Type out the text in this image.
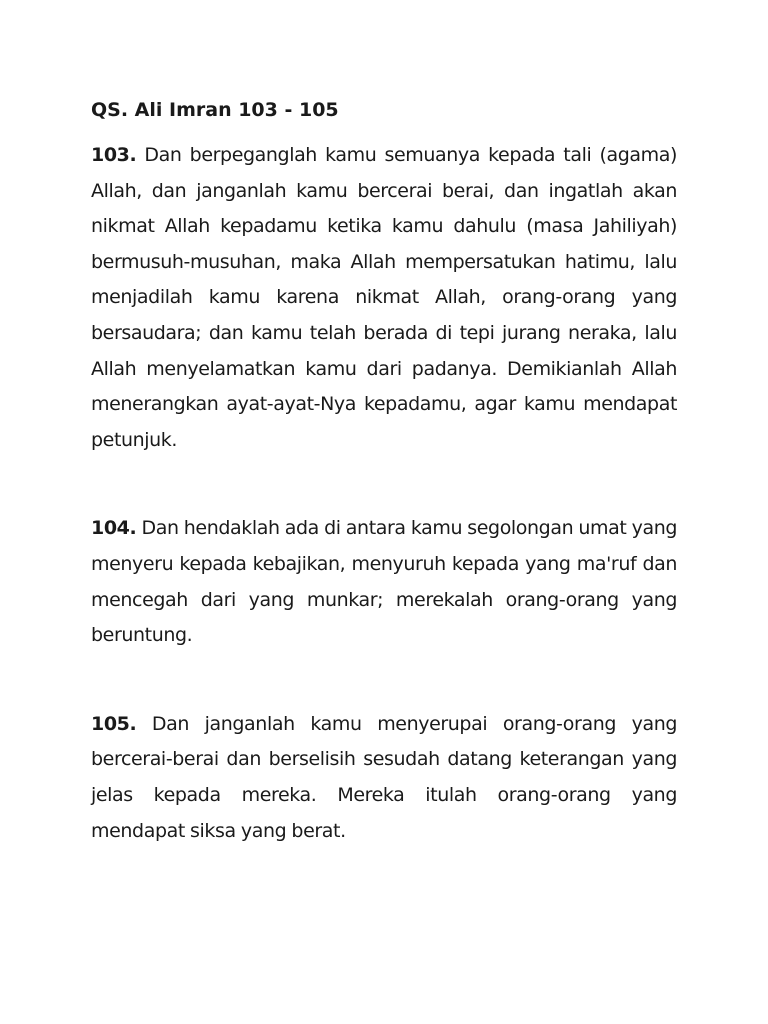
QS. Ali Imran 103 - 105

103. Dan berpeganglah kamu semuanya kepada tali (agama) Allah, dan janganlah kamu bercerai berai, dan ingatlah akan nikmat Allah kepadamu ketika kamu dahulu (masa Jahiliyah) bermusuh-musuhan, maka Allah mempersatukan hatimu, lalu menjadilah kamu karena nikmat Allah, orang-orang yang bersaudara; dan kamu telah berada di tepi jurang neraka, lalu Allah menyelamatkan kamu dari padanya. Demikianlah Allah menerangkan ayat-ayat-Nya kepadamu, agar kamu mendapat petunjuk.

104. Dan hendaklah ada di antara kamu segolongan umat yang menyeru kepada kebajikan, menyuruh kepada yang ma'ruf dan mencegah dari yang munkar; merekalah orang-orang yang beruntung.

105. Dan janganlah kamu menyerupai orang-orang yang bercerai-berai dan berselisih sesudah datang keterangan yang jelas kepada mereka. Mereka itulah orang-orang yang mendapat siksa yang berat.
